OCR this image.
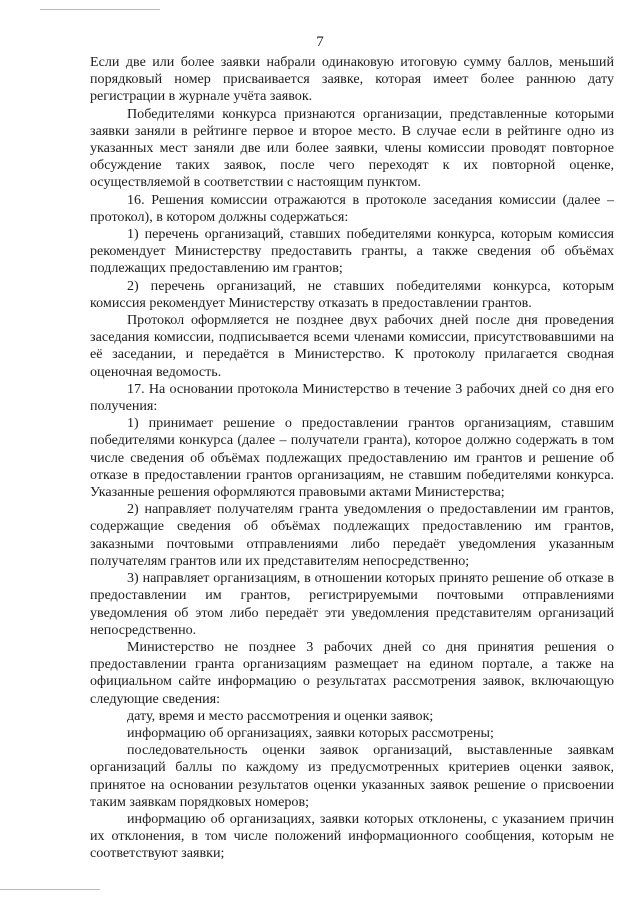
7

Если две или более заявки набрали одинаковую итоговую сумму баллов, меньший порядковый номер присваивается заявке, которая имеет более раннюю дату регистрации в журнале учёта заявок.

Победителями конкурса признаются организации, представленные которыми заявки заняли в рейтинге первое и второе место. В случае если в рейтинге одно из указанных мест заняли две или более заявки, члены комиссии проводят повторное обсуждение таких заявок, после чего переходят к их повторной оценке, осуществляемой в соответствии с настоящим пунктом.

16. Решения комиссии отражаются в протоколе заседания комиссии (далее – протокол), в котором должны содержаться:

1) перечень организаций, ставших победителями конкурса, которым комиссия рекомендует Министерству предоставить гранты, а также сведения об объёмах подлежащих предоставлению им грантов;

2) перечень организаций, не ставших победителями конкурса, которым комиссия рекомендует Министерству отказать в предоставлении грантов.

Протокол оформляется не позднее двух рабочих дней после дня проведения заседания комиссии, подписывается всеми членами комиссии, присутствовавшими на её заседании, и передаётся в Министерство. К протоколу прилагается сводная оценочная ведомость.

17. На основании протокола Министерство в течение 3 рабочих дней со дня его получения:

1) принимает решение о предоставлении грантов организациям, ставшим победителями конкурса (далее – получатели гранта), которое должно содержать в том числе сведения об объёмах подлежащих предоставлению им грантов и решение об отказе в предоставлении грантов организациям, не ставшим победителями конкурса. Указанные решения оформляются правовыми актами Министерства;

2) направляет получателям гранта уведомления о предоставлении им грантов, содержащие сведения об объёмах подлежащих предоставлению им грантов, заказными почтовыми отправлениями либо передаёт уведомления указанным получателям грантов или их представителям непосредственно;

3) направляет организациям, в отношении которых принято решение об отказе в предоставлении им грантов, регистрируемыми почтовыми отправлениями уведомления об этом либо передаёт эти уведомления представителям организаций непосредственно.

Министерство не позднее 3 рабочих дней со дня принятия решения о предоставлении гранта организациям размещает на едином портале, а также на официальном сайте информацию о результатах рассмотрения заявок, включающую следующие сведения:

дату, время и место рассмотрения и оценки заявок;

информацию об организациях, заявки которых рассмотрены;

последовательность оценки заявок организаций, выставленные заявкам организаций баллы по каждому из предусмотренных критериев оценки заявок, принятое на основании результатов оценки указанных заявок решение о присвоении таким заявкам порядковых номеров;

информацию об организациях, заявки которых отклонены, с указанием причин их отклонения, в том числе положений информационного сообщения, которым не соответствуют заявки;
